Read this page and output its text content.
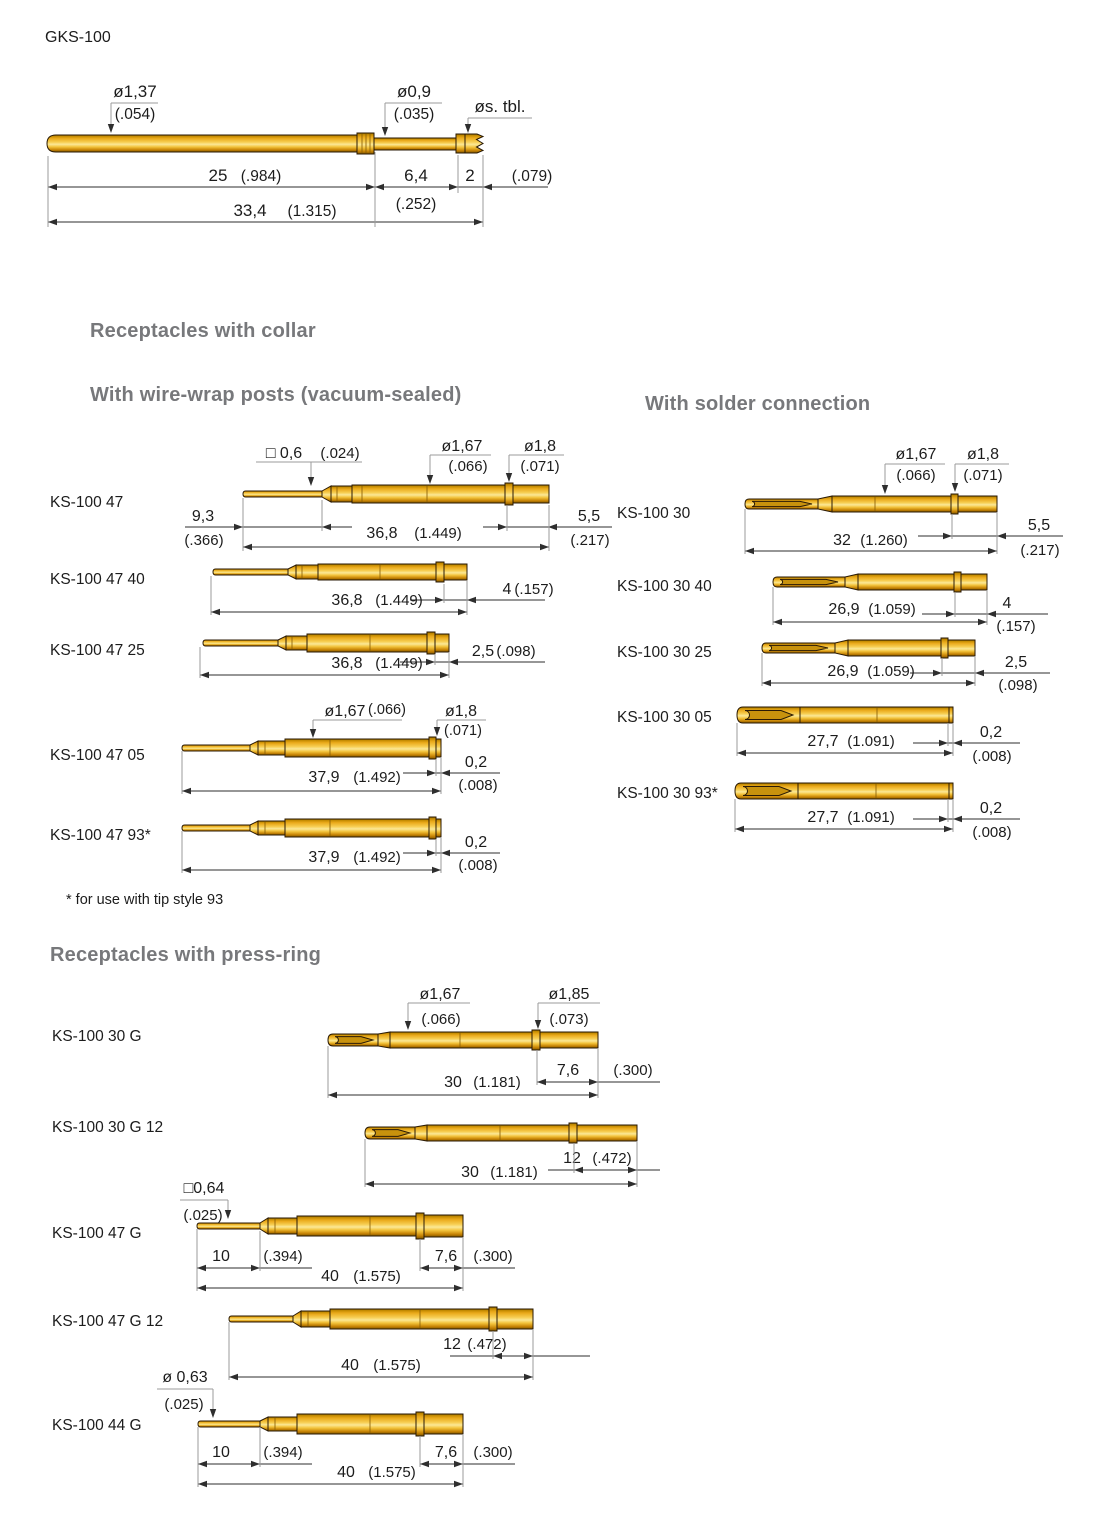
GKS-100
Receptacles with collar
With wire-wrap posts (vacuum-sealed)	With solder connection
Receptacles with press-ring
* for use with tip style 93
ø1,37
(.054)
ø0,9
(.035) øs. tbl.
25 (.984)	6,4
(.252)
2 (.079)
33,4 (1.315)
KS-100 47
□ 0,6 (.024)	ø1,67
(.066)
ø1,8
(.071)
9,3
(.366)
5,5
(.217)
36,8 (1.449)
KS-100 47 40
4 (.157)
36,8 (1.449)
KS-100 47 25	2,5 (.098)
36,8 (1.449)
KS-100 47 05
ø1,67 (.066) ø1,8
(.071)
0,2
(.008)
37,9 (1.492)
KS-100 47 93*	0,2
(.008)
37,9 (1.492)
KS-100 30
ø1,67
(.066)
ø1,8
(.071)
5,5
(.217)
32 (1.260)
KS-100 30 40
4
(.157)
26,9 (1.059)
KS-100 30 25
2,5
(.098)
26,9 (1.059)
KS-100 30 05
0,2
(.008)
27,7 (1.091)
KS-100 30 93*
0,2
(.008)
27,7 (1.091)
KS-100 30 G
ø1,67
(.066)
ø1,85
(.073)
7,6 (.300)
30 (1.181)
KS-100 30 G 12
12 (.472)
30 (1.181)
KS-100 47 G
□0,64
(.025)
10 (.394)	7,6 (.300)
40 (1.575)
KS-100 47 G 12
12 (.472)
40 (1.575)
KS-100 44 G
ø 0,63
(.025)
10 (.394)	7,6 (.300)
40 (1.575)
